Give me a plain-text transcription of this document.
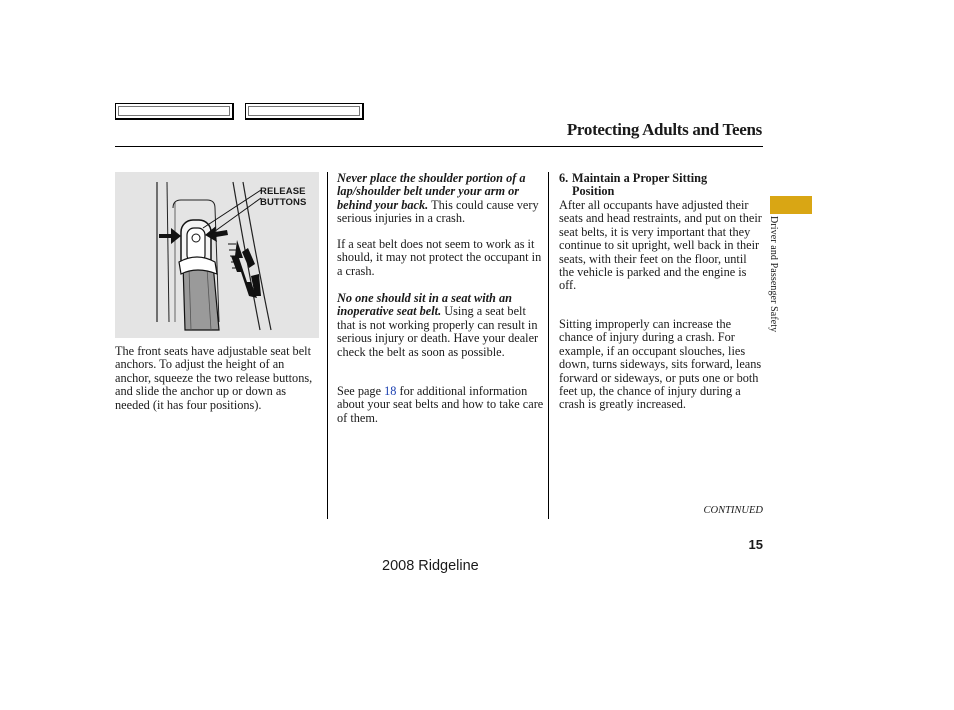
Protecting Adults and Teens
RELEASE
BUTTONS

The front seats have adjustable seat belt anchors. To adjust the height of an anchor, squeeze the two release buttons, and slide the anchor up or down as needed (it has four positions).

Never place the shoulder portion of a lap/shoulder belt under your arm or behind your back. This could cause very serious injuries in a crash.

If a seat belt does not seem to work as it should, it may not protect the occupant in a crash.

No one should sit in a seat with an inoperative seat belt. Using a seat belt that is not working properly can result in serious injury or death. Have your dealer check the belt as soon as possible.

See page 18 for additional information about your seat belts and how to take care of them.

6. Maintain a Proper Sitting
Position

After all occupants have adjusted their seats and head restraints, and put on their seat belts, it is very important that they continue to sit upright, well back in their seats, with their feet on the floor, until the vehicle is parked and the engine is off.

Sitting improperly can increase the chance of injury during a crash. For example, if an occupant slouches, lies down, turns sideways, sits forward, leans forward or sideways, or puts one or both feet up, the chance of injury during a crash is greatly increased.

CONTINUED
15
2008 Ridgeline
Driver and Passenger Safety
